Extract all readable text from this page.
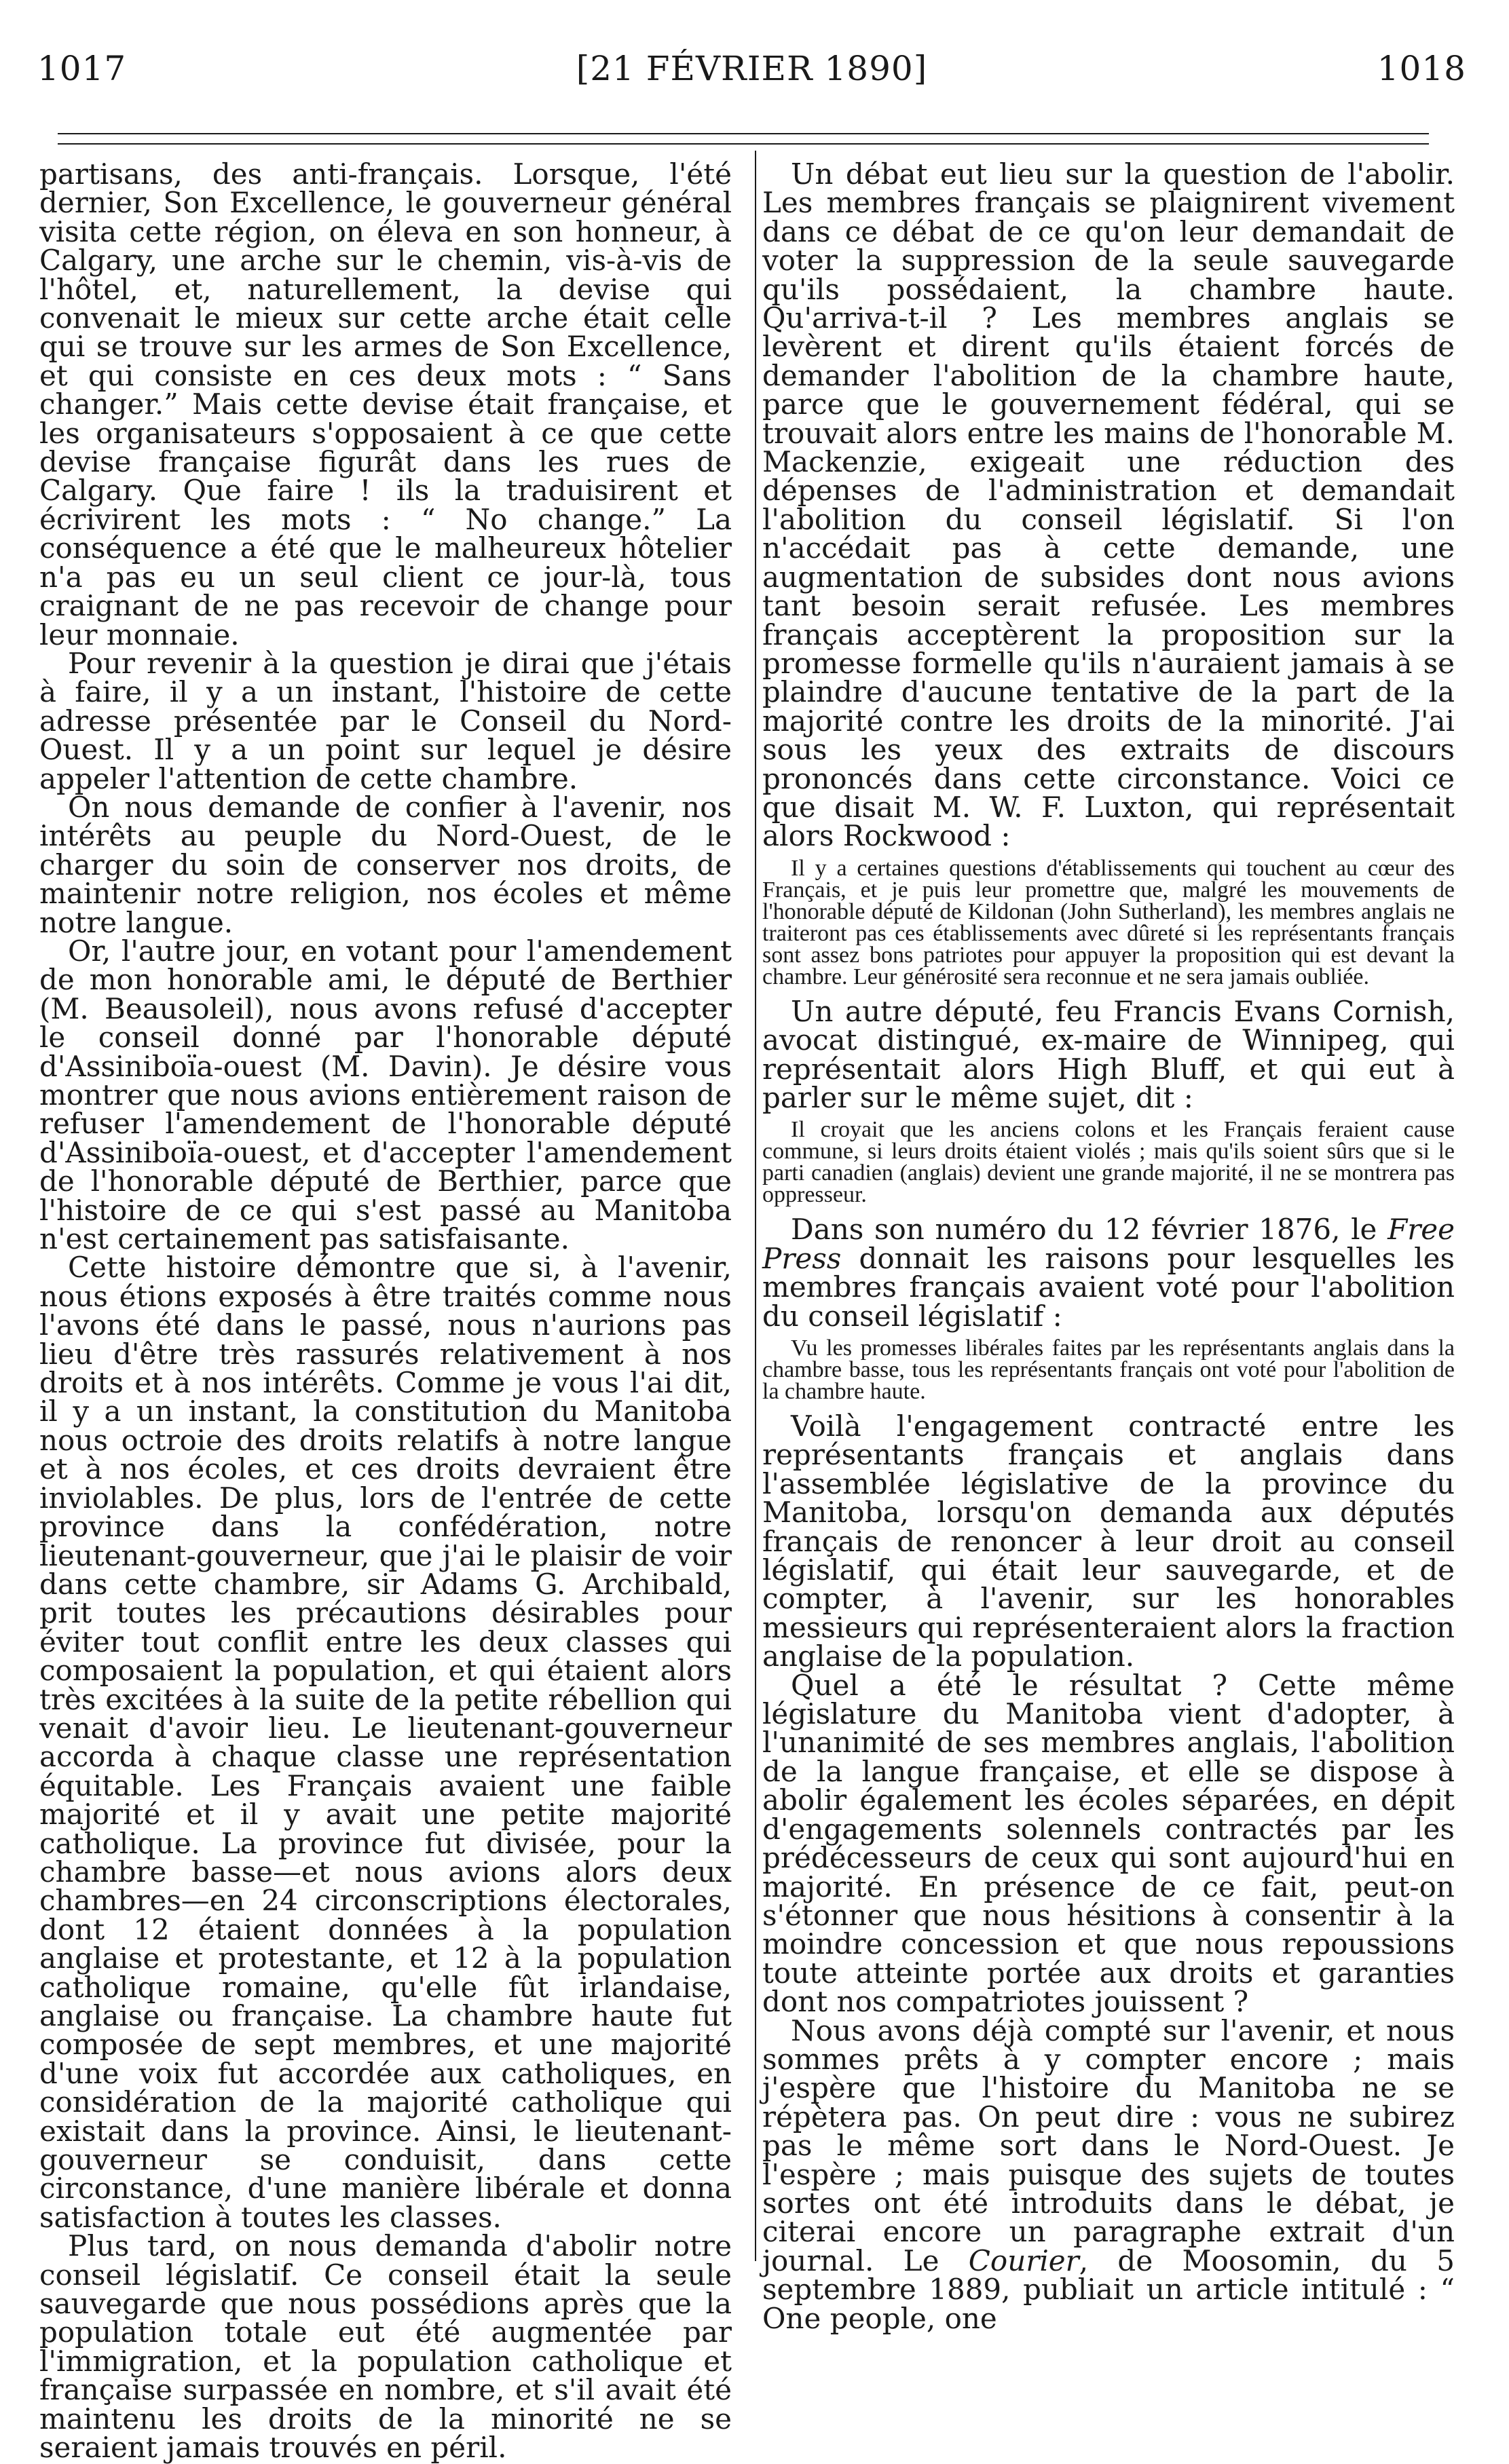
1017	[21 FÉVRIER 1890]	1018

partisans, des anti-français. Lorsque, l'été dernier, Son Excellence, le gouverneur général visita cette région, on éleva en son honneur, à Calgary, une arche sur le chemin, vis-à-vis de l'hôtel, et, naturellement, la devise qui convenait le mieux sur cette arche était celle qui se trouve sur les armes de Son Excellence, et qui consiste en ces deux mots : “ Sans changer.” Mais cette devise était française, et les organisateurs s'opposaient à ce que cette devise française figurât dans les rues de Calgary. Que faire ! ils la traduisirent et écrivirent les mots : “ No change.” La conséquence a été que le malheureux hôtelier n'a pas eu un seul client ce jour-là, tous craignant de ne pas recevoir de change pour leur monnaie.

Pour revenir à la question je dirai que j'étais à faire, il y a un instant, l'histoire de cette adresse présentée par le Conseil du Nord-Ouest. Il y a un point sur lequel je désire appeler l'attention de cette chambre.

On nous demande de confier à l'avenir, nos intérêts au peuple du Nord-Ouest, de le charger du soin de conserver nos droits, de maintenir notre religion, nos écoles et même notre langue.

Or, l'autre jour, en votant pour l'amendement de mon honorable ami, le député de Berthier (M. Beausoleil), nous avons refusé d'accepter le conseil donné par l'honorable député d'Assiniboïa-ouest (M. Davin). Je désire vous montrer que nous avions entièrement raison de refuser l'amendement de l'honorable député d'Assiniboïa-ouest, et d'accepter l'amendement de l'honorable député de Berthier, parce que l'histoire de ce qui s'est passé au Manitoba n'est certainement pas satisfaisante.

Cette histoire démontre que si, à l'avenir, nous étions exposés à être traités comme nous l'avons été dans le passé, nous n'aurions pas lieu d'être très rassurés relativement à nos droits et à nos intérêts. Comme je vous l'ai dit, il y a un instant, la constitution du Manitoba nous octroie des droits relatifs à notre langue et à nos écoles, et ces droits devraient être inviolables. De plus, lors de l'entrée de cette province dans la confédération, notre lieutenant-gouverneur, que j'ai le plaisir de voir dans cette chambre, sir Adams G. Archibald, prit toutes les précautions désirables pour éviter tout conflit entre les deux classes qui composaient la population, et qui étaient alors très excitées à la suite de la petite rébellion qui venait d'avoir lieu. Le lieutenant-gouverneur accorda à chaque classe une représentation équitable. Les Français avaient une faible majorité et il y avait une petite majorité catholique. La province fut divisée, pour la chambre basse—et nous avions alors deux chambres—en 24 circonscriptions électorales, dont 12 étaient données à la population anglaise et protestante, et 12 à la population catholique romaine, qu'elle fût irlandaise, anglaise ou française. La chambre haute fut composée de sept membres, et une majorité d'une voix fut accordée aux catholiques, en considération de la majorité catholique qui existait dans la province. Ainsi, le lieutenant-gouverneur se conduisit, dans cette circonstance, d'une manière libérale et donna satisfaction à toutes les classes.

Plus tard, on nous demanda d'abolir notre conseil législatif. Ce conseil était la seule sauvegarde que nous possédions après que la population totale eut été augmentée par l'immigration, et la population catholique et française surpassée en nombre, et s'il avait été maintenu les droits de la minorité ne se seraient jamais trouvés en péril.

Un débat eut lieu sur la question de l'abolir. Les membres français se plaignirent vivement dans ce débat de ce qu'on leur demandait de voter la suppression de la seule sauvegarde qu'ils possédaient, la chambre haute. Qu'arriva-t-il ? Les membres anglais se levèrent et dirent qu'ils étaient forcés de demander l'abolition de la chambre haute, parce que le gouvernement fédéral, qui se trouvait alors entre les mains de l'honorable M. Mackenzie, exigeait une réduction des dépenses de l'administration et demandait l'abolition du conseil législatif. Si l'on n'accédait pas à cette demande, une augmentation de subsides dont nous avions tant besoin serait refusée. Les membres français acceptèrent la proposition sur la promesse formelle qu'ils n'auraient jamais à se plaindre d'aucune tentative de la part de la majorité contre les droits de la minorité. J'ai sous les yeux des extraits de discours prononcés dans cette circonstance. Voici ce que disait M. W. F. Luxton, qui représentait alors Rockwood :

Il y a certaines questions d'établissements qui touchent au cœur des Français, et je puis leur promettre que, malgré les mouvements de l'honorable député de Kildonan (John Sutherland), les membres anglais ne traiteront pas ces établissements avec dûreté si les représentants français sont assez bons patriotes pour appuyer la proposition qui est devant la chambre. Leur générosité sera reconnue et ne sera jamais oubliée.

Un autre député, feu Francis Evans Cornish, avocat distingué, ex-maire de Winnipeg, qui représentait alors High Bluff, et qui eut à parler sur le même sujet, dit :

Il croyait que les anciens colons et les Français feraient cause commune, si leurs droits étaient violés ; mais qu'ils soient sûrs que si le parti canadien (anglais) devient une grande majorité, il ne se montrera pas oppresseur.

Dans son numéro du 12 février 1876, le Free Press donnait les raisons pour lesquelles les membres français avaient voté pour l'abolition du conseil législatif :

Vu les promesses libérales faites par les représentants anglais dans la chambre basse, tous les représentants français ont voté pour l'abolition de la chambre haute.

Voilà l'engagement contracté entre les représentants français et anglais dans l'assemblée législative de la province du Manitoba, lorsqu'on demanda aux députés français de renoncer à leur droit au conseil législatif, qui était leur sauvegarde, et de compter, à l'avenir, sur les honorables messieurs qui représenteraient alors la fraction anglaise de la population.

Quel a été le résultat ? Cette même législature du Manitoba vient d'adopter, à l'unanimité de ses membres anglais, l'abolition de la langue française, et elle se dispose à abolir également les écoles séparées, en dépit d'engagements solennels contractés par les prédécesseurs de ceux qui sont aujourd'hui en majorité. En présence de ce fait, peut-on s'étonner que nous hésitions à consentir à la moindre concession et que nous repoussions toute atteinte portée aux droits et garanties dont nos compatriotes jouissent ?

Nous avons déjà compté sur l'avenir, et nous sommes prêts à y compter encore ; mais j'espère que l'histoire du Manitoba ne se répètera pas. On peut dire : vous ne subirez pas le même sort dans le Nord-Ouest. Je l'espère ; mais puisque des sujets de toutes sortes ont été introduits dans le débat, je citerai encore un paragraphe extrait d'un journal. Le Courier, de Moosomin, du 5 septembre 1889, publiait un article intitulé : “ One people, one
